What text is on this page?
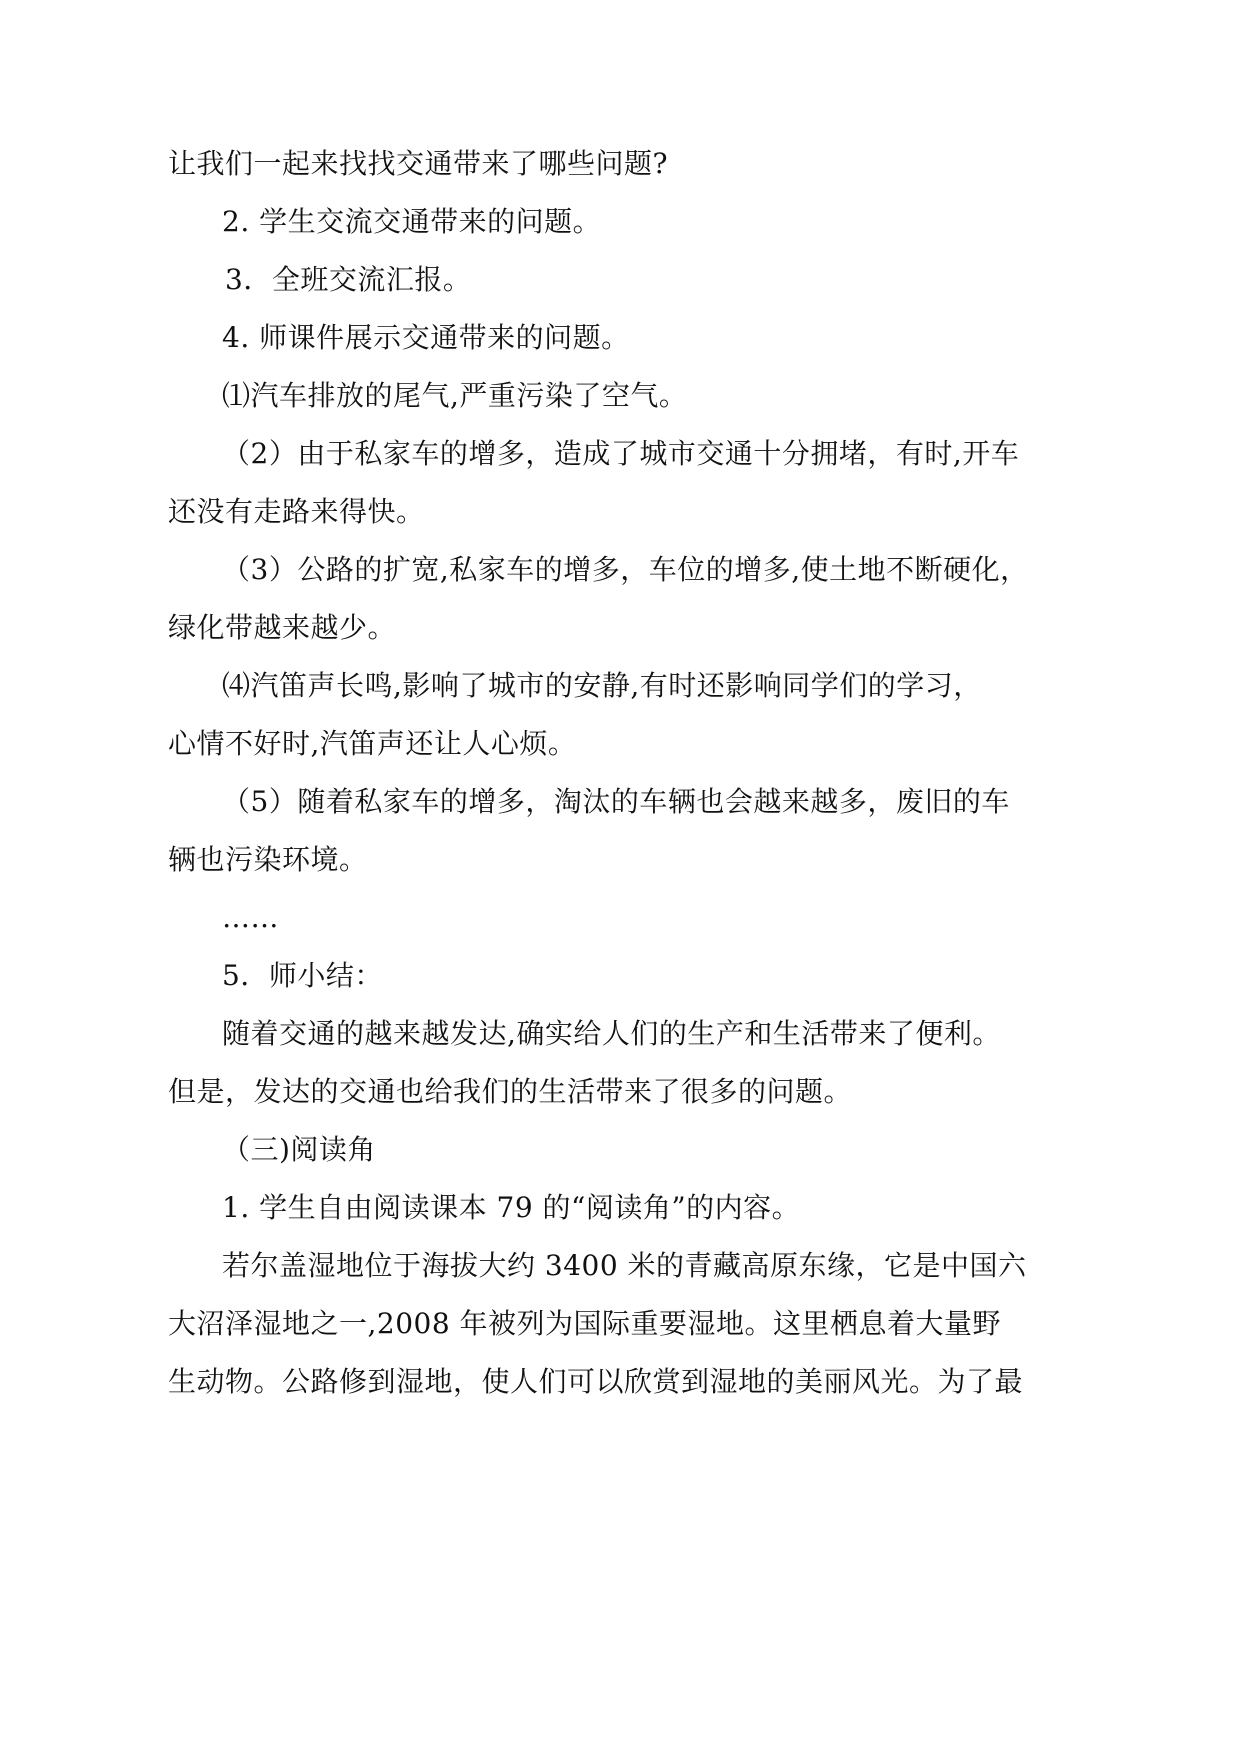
让我们一起来找找交通带来了哪些问题?
2. 学生交流交通带来的问题。
3．全班交流汇报。
4. 师课件展示交通带来的问题。
⑴汽车排放的尾气,严重污染了空气。
（2）由于私家车的增多，造成了城市交通十分拥堵，有时,开车
还没有走路来得快。
（3）公路的扩宽,私家车的增多，车位的增多,使土地不断硬化，
绿化带越来越少。
⑷汽笛声长鸣,影响了城市的安静,有时还影响同学们的学习，
心情不好时,汽笛声还让人心烦。
（5）随着私家车的增多，淘汰的车辆也会越来越多，废旧的车
辆也污染环境。
……
5．师小结：
随着交通的越来越发达,确实给人们的生产和生活带来了便利。
但是，发达的交通也给我们的生活带来了很多的问题。
（三)阅读角
1. 学生自由阅读课本 79 的“阅读角”的内容。
若尔盖湿地位于海拔大约 3400 米的青藏高原东缘，它是中国六
大沼泽湿地之一,2008 年被列为国际重要湿地。这里栖息着大量野
生动物。公路修到湿地，使人们可以欣赏到湿地的美丽风光。为了最
